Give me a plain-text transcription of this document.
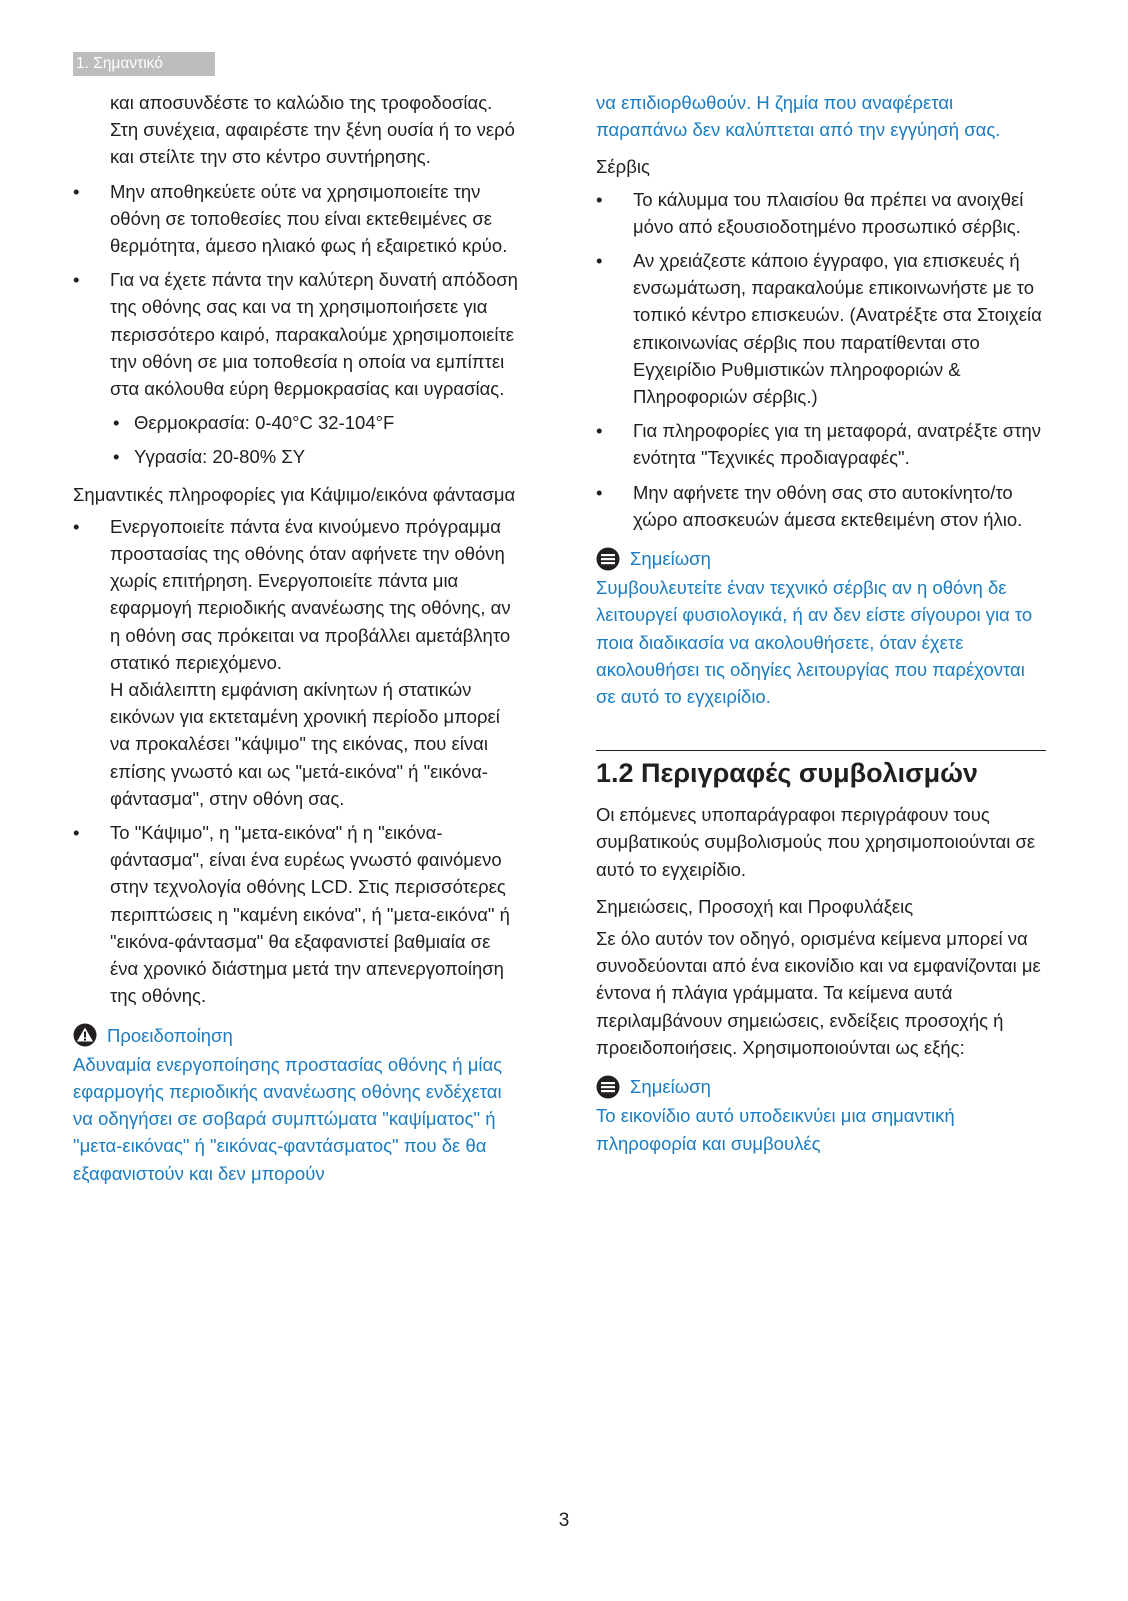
1. Σημαντικό

και αποσυνδέστε το καλώδιο της τροφοδοσίας. Στη συνέχεια, αφαιρέστε την ξένη ουσία ή το νερό και στείλτε την στο κέντρο συντήρησης.

• Μην αποθηκεύετε ούτε να χρησιμοποιείτε την οθόνη σε τοποθεσίες που είναι εκτεθειμένες σε θερμότητα, άμεσο ηλιακό φως ή εξαιρετικό κρύο.

• Για να έχετε πάντα την καλύτερη δυνατή απόδοση της οθόνης σας και να τη χρησιμοποιήσετε για περισσότερο καιρό, παρακαλούμε χρησιμοποιείτε την οθόνη σε μια τοποθεσία η οποία να εμπίπτει στα ακόλουθα εύρη θερμοκρασίας και υγρασίας.

• Θερμοκρασία: 0-40°C 32-104°F

• Υγρασία: 20-80% ΣΥ

Σημαντικές πληροφορίες για Κάψιμο/εικόνα φάντασμα

• Ενεργοποιείτε πάντα ένα κινούμενο πρόγραμμα προστασίας της οθόνης όταν αφήνετε την οθόνη χωρίς επιτήρηση. Ενεργοποιείτε πάντα μια εφαρμογή περιοδικής ανανέωσης της οθόνης, αν η οθόνη σας πρόκειται να προβάλλει αμετάβλητο στατικό περιεχόμενο.
Η αδιάλειπτη εμφάνιση ακίνητων ή στατικών εικόνων για εκτεταμένη χρονική περίοδο μπορεί να προκαλέσει "κάψιμο" της εικόνας, που είναι επίσης γνωστό και ως "μετά-εικόνα" ή "εικόνα-φάντασμα", στην οθόνη σας.

• Το "Κάψιμο", η "μετα-εικόνα" ή η "εικόνα-φάντασμα", είναι ένα ευρέως γνωστό φαινόμενο στην τεχνολογία οθόνης LCD. Στις περισσότερες περιπτώσεις η "καμένη εικόνα", ή "μετα-εικόνα" ή "εικόνα-φάντασμα" θα εξαφανιστεί βαθμιαία σε ένα χρονικό διάστημα μετά την απενεργοποίηση της οθόνης.

Προειδοποίηση

Αδυναμία ενεργοποίησης προστασίας οθόνης ή μίας εφαρμογής περιοδικής ανανέωσης οθόνης ενδέχεται να οδηγήσει σε σοβαρά συμπτώματα "καψίματος" ή "μετα-εικόνας" ή "εικόνας-φαντάσματος" που δε θα εξαφανιστούν και δεν μπορούν

να επιδιορθωθούν. Η ζημία που αναφέρεται παραπάνω δεν καλύπτεται από την εγγύησή σας.

Σέρβις

• Το κάλυμμα του πλαισίου θα πρέπει να ανοιχθεί μόνο από εξουσιοδοτημένο προσωπικό σέρβις.

• Αν χρειάζεστε κάποιο έγγραφο, για επισκευές ή ενσωμάτωση, παρακαλούμε επικοινωνήστε με το τοπικό κέντρο επισκευών. (Ανατρέξτε στα Στοιχεία επικοινωνίας σέρβις που παρατίθενται στο Εγχειρίδιο Ρυθμιστικών πληροφοριών & Πληροφοριών σέρβις.)

• Για πληροφορίες για τη μεταφορά, ανατρέξτε στην ενότητα "Τεχνικές προδιαγραφές".

• Μην αφήνετε την οθόνη σας στο αυτοκίνητο/το χώρο αποσκευών άμεσα εκτεθειμένη στον ήλιο.

Σημείωση

Συμβουλευτείτε έναν τεχνικό σέρβις αν η οθόνη δε λειτουργεί φυσιολογικά, ή αν δεν είστε σίγουροι για το ποια διαδικασία να ακολουθήσετε, όταν έχετε ακολουθήσει τις οδηγίες λειτουργίας που παρέχονται σε αυτό το εγχειρίδιο.

1.2 Περιγραφές συμβολισμών

Οι επόμενες υποπαράγραφοι περιγράφουν τους συμβατικούς συμβολισμούς που χρησιμοποιούνται σε αυτό το εγχειρίδιο.

Σημειώσεις, Προσοχή και Προφυλάξεις

Σε όλο αυτόν τον οδηγό, ορισμένα κείμενα μπορεί να συνοδεύονται από ένα εικονίδιο και να εμφανίζονται με έντονα ή πλάγια γράμματα. Τα κείμενα αυτά περιλαμβάνουν σημειώσεις, ενδείξεις προσοχής ή προειδοποιήσεις. Χρησιμοποιούνται ως εξής:

Σημείωση

Το εικονίδιο αυτό υποδεικνύει μια σημαντική πληροφορία και συμβουλές

3
